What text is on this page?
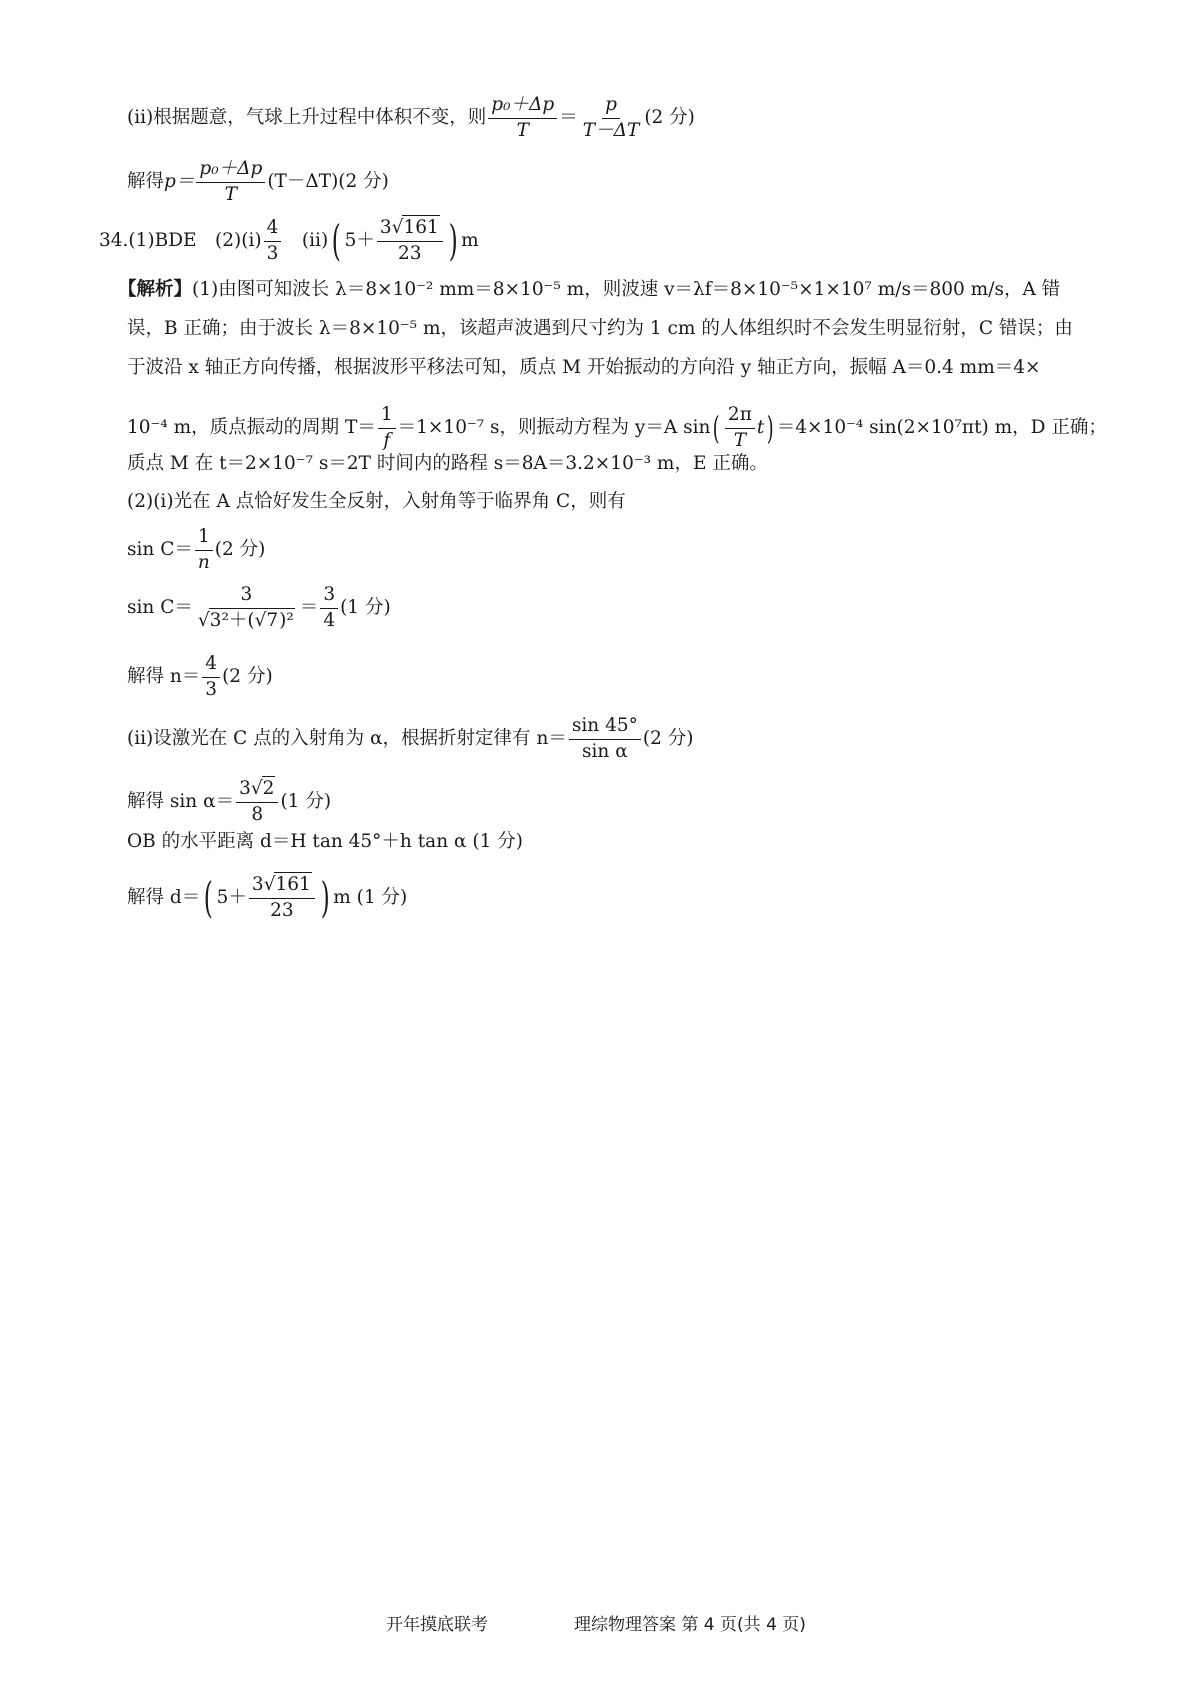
(ⅱ)根据题意，气球上升过程中体积不变，则 $\frac{\text{p₀＋Δp}}{T} = \frac{p}{T-\Delta T} (2$ 分)
解得 $p= \frac{\text{p₀＋Δp}}{T} (T-\Delta T)(2$ 分)
34. (1)BDE　(2)(ⅰ) $\frac{4}{3}$ 　(ⅱ) ( $5+ \frac{3√161}{23}$ ) m
【解析】 (1)由图可知波长 λ＝8×10⁻² mm＝8×10⁻⁵ m，则波速 v＝λf＝8×10⁻⁵×1×10⁷ m/s＝800 m/s，A 错
误，B 正确；由于波长 λ＝8×10⁻⁵ m，该超声波遇到尺寸约为 1 cm 的人体组织时不会发生明显衍射，C 错误；由
于波沿 x 轴正方向传播，根据波形平移法可知，质点 M 开始振动的方向沿 y 轴正方向，振幅 A＝0.4 mm＝4×
10⁻⁴ m，质点振动的周期 $T= \frac{1}{f} =1\times 10^{-7}$ s，则振动方程为 y＝A sin ( $\frac{2\pi}{T}$ t ) ＝4×10⁻⁴ sin(2×10⁷πt) m，D 正确；
质点 M 在 t＝2×10⁻⁷ s＝2T 时间内的路程 s＝8A＝3.2×10⁻³ m，E 正确。
(2)(ⅰ)光在 A 点恰好发生全反射，入射角等于临界角 C，则有
$\sin C= \frac{1}{n} (2$ 分)
$\sin C= \frac{3}{\text{√3²＋(√7)²}} = \frac{3}{4} (1$ 分)
解得 $n= \frac{4}{3} (2$ 分)
(ⅱ)设激光在 C 点的入射角为 α，根据折射定律有 $n= \frac{\sin 45^\circ}{\text{sin α}} (2$ 分)
解得 $\sin \alpha= \frac{3√2}{8} (1$ 分)
OB 的水平距离 d＝H tan 45°＋h tan α (1 分)
解得 d＝ ( $5+ \frac{3√161}{23}$ ) m (1 分)
开年摸底联考	理综物理答案 第 4 页(共 4 页)
